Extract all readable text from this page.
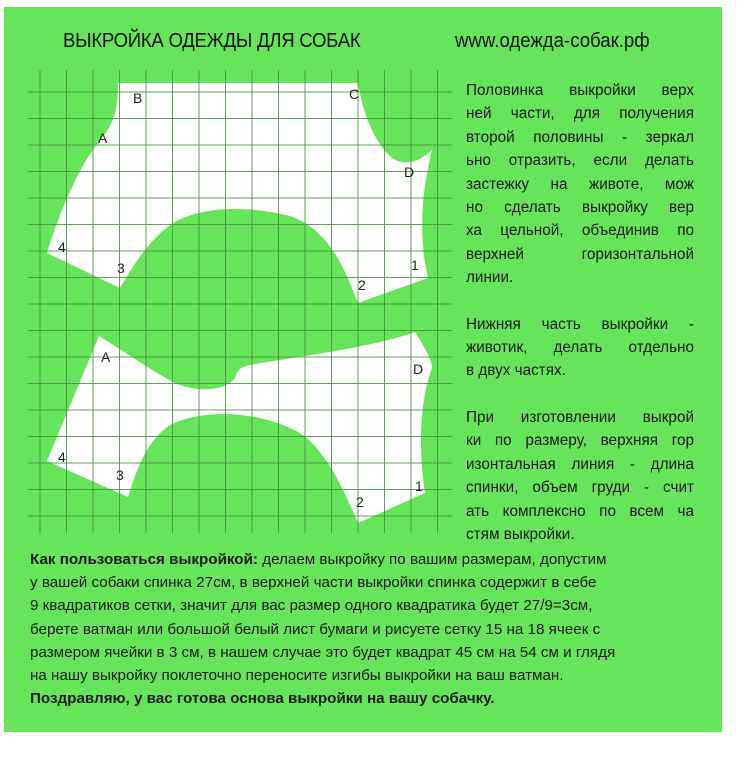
ВЫКРОЙКА ОДЕЖДЫ ДЛЯ СОБАК	www.одежда-собак.рф
B	C
A
D
4
3
2
1
A
D
4
3
2
1

Половинка выкройки верх
ней части, для получения
второй половины - зеркал
ьно отразить, если делать
застежку на животе, мож
но сделать выкройку вер
ха цельной, объединив по
верхней горизонтальной
линии.

Нижняя часть выкройки -
животик, делать отдельно
в двух частях.

При изготовлении выкрой
ки по размеру, верхняя гор
изонтальная линия - длина
спинки, объем груди - счит
ать комплексно по всем ча
стям выкройки.

Как пользоваться выкройкой: делаем выкройку по вашим размерам, допустим
у вашей собаки спинка 27см, в верхней части выкройки спинка содержит в себе
9 квадратиков сетки, значит для вас размер одного квадратика будет 27/9=3см,
берете ватман или большой белый лист бумаги и рисуете сетку 15 на 18 ячеек с
размером ячейки в 3 см, в нашем случае это будет квадрат 45 см на 54 см и глядя
на нашу выкройку поклеточно переносите изгибы выкройки на ваш ватман.
Поздравляю, у вас готова основа выкройки на вашу собачку.
